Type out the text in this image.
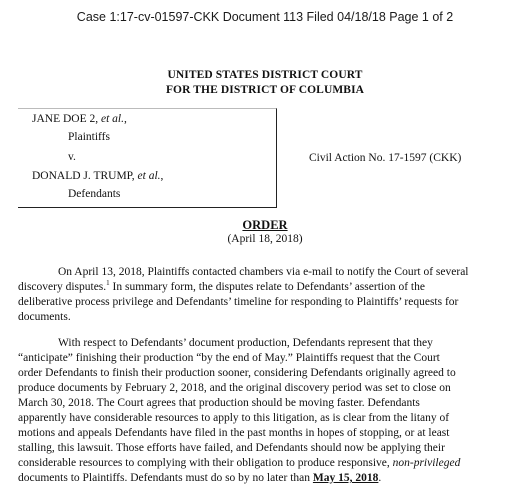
Case 1:17-cv-01597-CKK Document 113 Filed 04/18/18 Page 1 of 2
UNITED STATES DISTRICT COURT
FOR THE DISTRICT OF COLUMBIA
JANE DOE 2, et al.,
Plaintiffs
v.
DONALD J. TRUMP, et al.,
Defendants
Civil Action No. 17-1597 (CKK)
ORDER
(April 18, 2018)
On April 13, 2018, Plaintiffs contacted chambers via e-mail to notify the Court of several
discovery disputes.$^1$ In summary form, the disputes relate to Defendants’ assertion of the
deliberative process privilege and Defendants’ timeline for responding to Plaintiffs’ requests for
documents.
With respect to Defendants’ document production, Defendants represent that they
“anticipate” finishing their production “by the end of May.” Plaintiffs request that the Court
order Defendants to finish their production sooner, considering Defendants originally agreed to
produce documents by February 2, 2018, and the original discovery period was set to close on
March 30, 2018. The Court agrees that production should be moving faster. Defendants
apparently have considerable resources to apply to this litigation, as is clear from the litany of
motions and appeals Defendants have filed in the past months in hopes of stopping, or at least
stalling, this lawsuit. Those efforts have failed, and Defendants should now be applying their
considerable resources to complying with their obligation to produce responsive, non-privileged
documents to Plaintiffs. Defendants must do so by no later than May 15, 2018.
